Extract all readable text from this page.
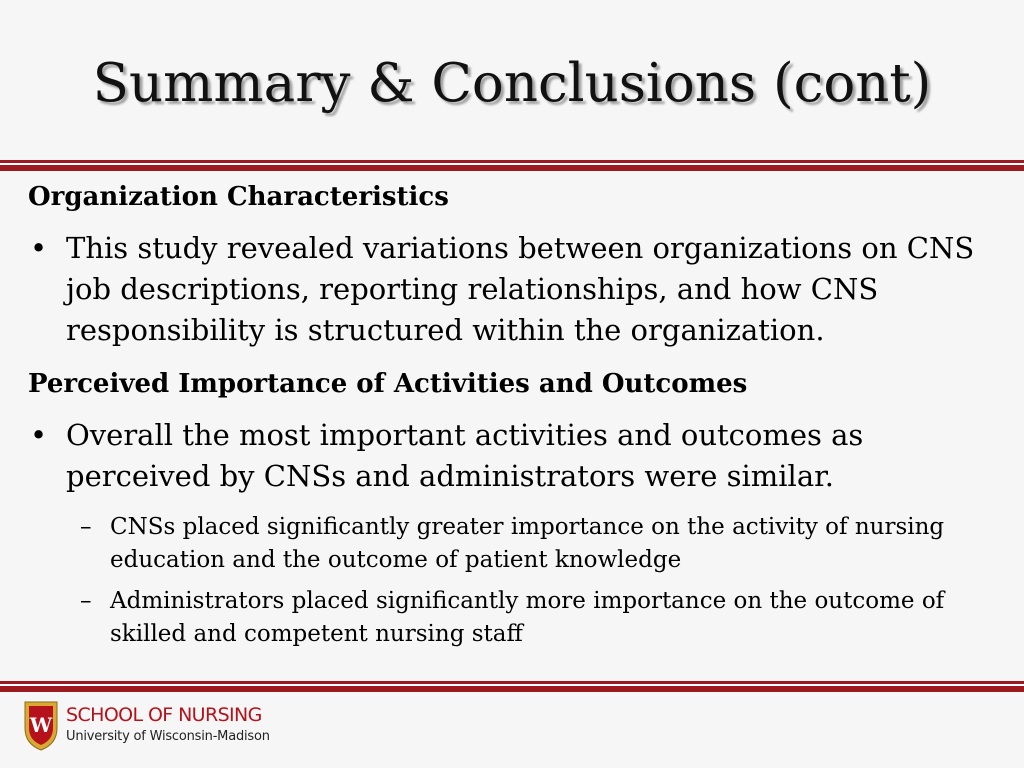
Summary & Conclusions (cont)
Organization Characteristics
• This study revealed variations between organizations on CNS job descriptions, reporting relationships, and how CNS responsibility is structured within the organization.
Perceived Importance of Activities and Outcomes
• Overall the most important activities and outcomes as perceived by CNSs and administrators were similar.
– CNSs placed significantly greater importance on the activity of nursing education and the outcome of patient knowledge
– Administrators placed significantly more importance on the outcome of skilled and competent nursing staff
W SCHOOL OF NURSING
University of Wisconsin-Madison
